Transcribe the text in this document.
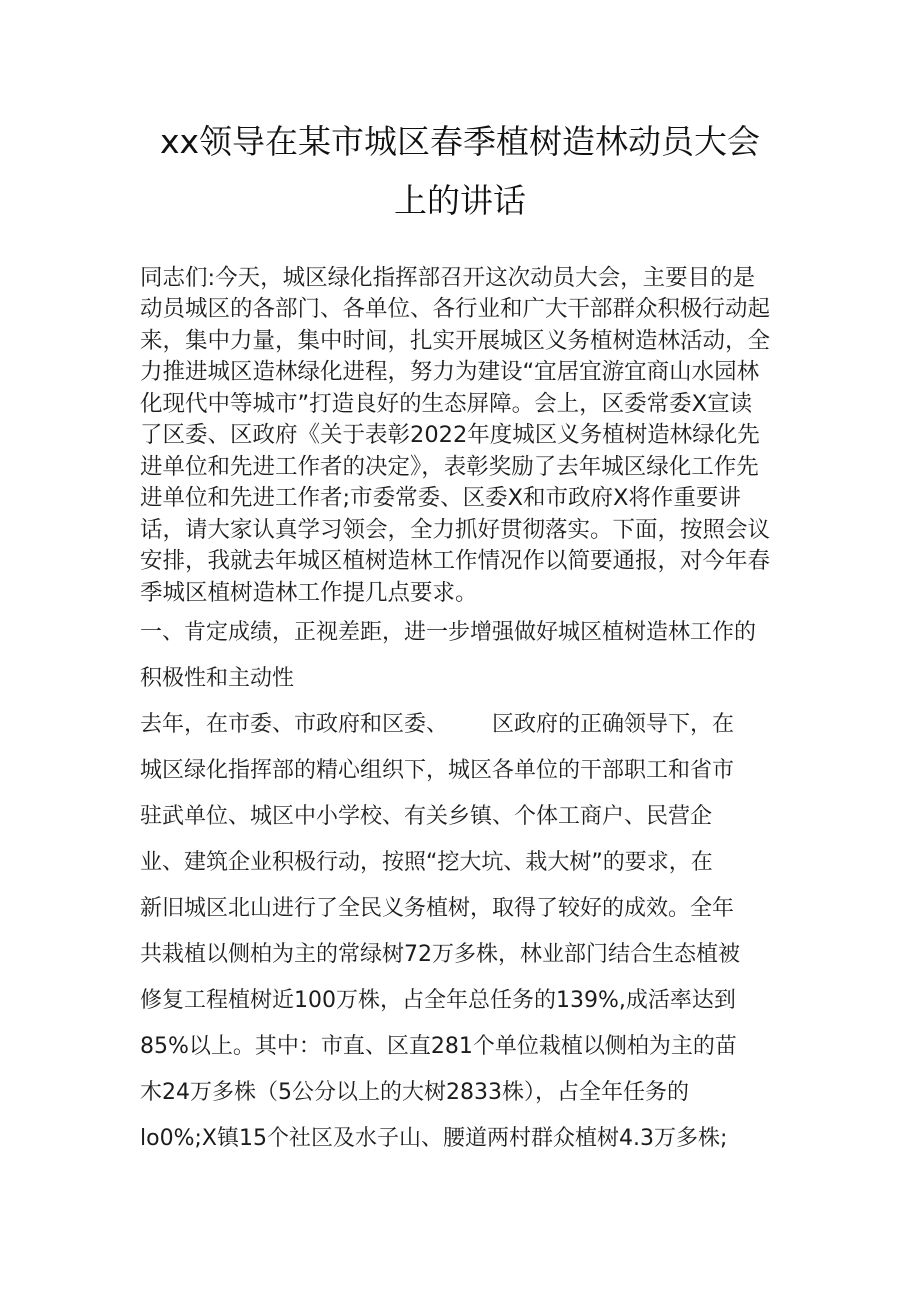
xx领导在某市城区春季植树造林动员大会
上的讲话
同志们:今天，城区绿化指挥部召开这次动员大会，主要目的是
动员城区的各部门、各单位、各行业和广大干部群众积极行动起
来，集中力量，集中时间，扎实开展城区义务植树造林活动，全
力推进城区造林绿化进程，努力为建设“宜居宜游宜商山水园林
化现代中等城市”打造良好的生态屏障。会上，区委常委X宣读
了区委、区政府《关于表彰2022年度城区义务植树造林绿化先
进单位和先进工作者的决定》，表彰奖励了去年城区绿化工作先
进单位和先进工作者;市委常委、区委X和市政府X将作重要讲
话，请大家认真学习领会，全力抓好贯彻落实。下面，按照会议
安排，我就去年城区植树造林工作情况作以简要通报，对今年春
季城区植树造林工作提几点要求。
一、肯定成绩，正视差距，进一步增强做好城区植树造林工作的
积极性和主动性
去年，在市委、市政府和区委、 区政府的正确领导下，在
城区绿化指挥部的精心组织下，城区各单位的干部职工和省市
驻武单位、城区中小学校、有关乡镇、个体工商户、民营企
业、建筑企业积极行动，按照“挖大坑、栽大树”的要求，在
新旧城区北山进行了全民义务植树，取得了较好的成效。全年
共栽植以侧柏为主的常绿树72万多株，林业部门结合生态植被
修复工程植树近100万株，占全年总任务的139%,成活率达到
85%以上。其中：市直、区直281个单位栽植以侧柏为主的苗
木24万多株（5公分以上的大树2833株），占全年任务的
lo0%;X镇15个社区及水子山、腰道两村群众植树4.3万多株;
